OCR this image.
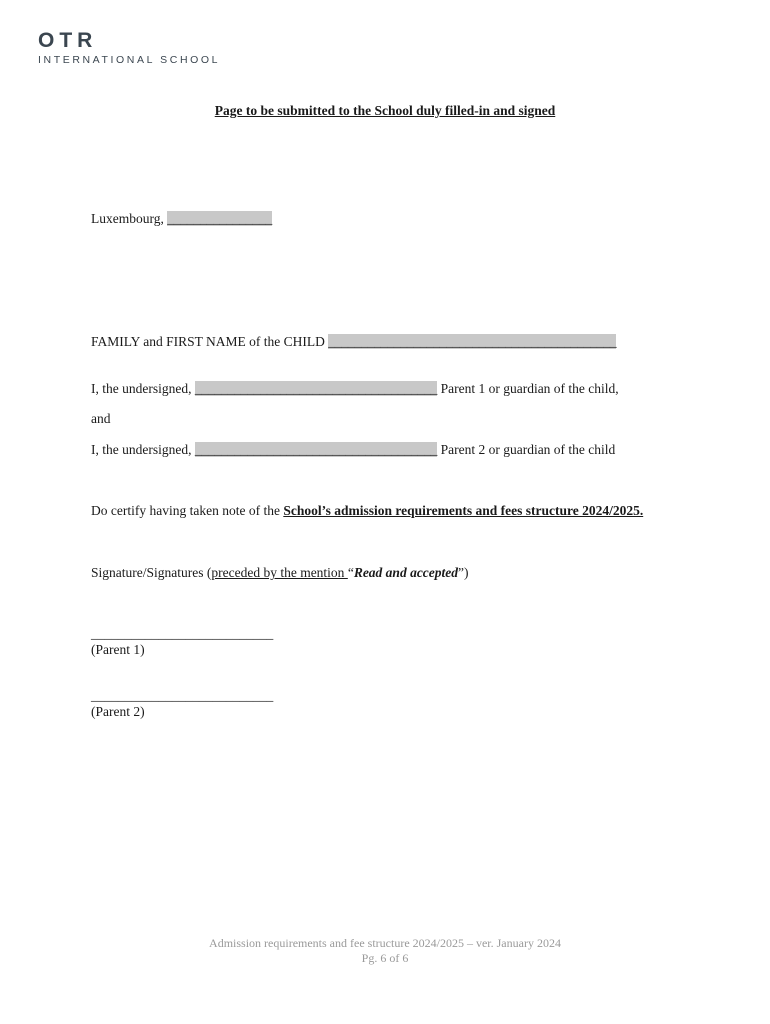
OTR
INTERNATIONAL SCHOOL
Page to be submitted to the School duly filled-in and signed
Luxembourg, ________________
FAMILY and FIRST NAME of the CHILD ____________________________________________
I, the undersigned, _____________________________________ Parent 1 or guardian of the child,
and
I, the undersigned, _____________________________________ Parent 2 or guardian of the child
Do certify having taken note of the School’s admission requirements and fees structure 2024/2025.
Signature/Signatures (preceded by the mention “Read and accepted”)
___________________________
(Parent 1)
___________________________
(Parent 2)
Admission requirements and fee structure 2024/2025 – ver. January 2024
Pg. 6 of 6
